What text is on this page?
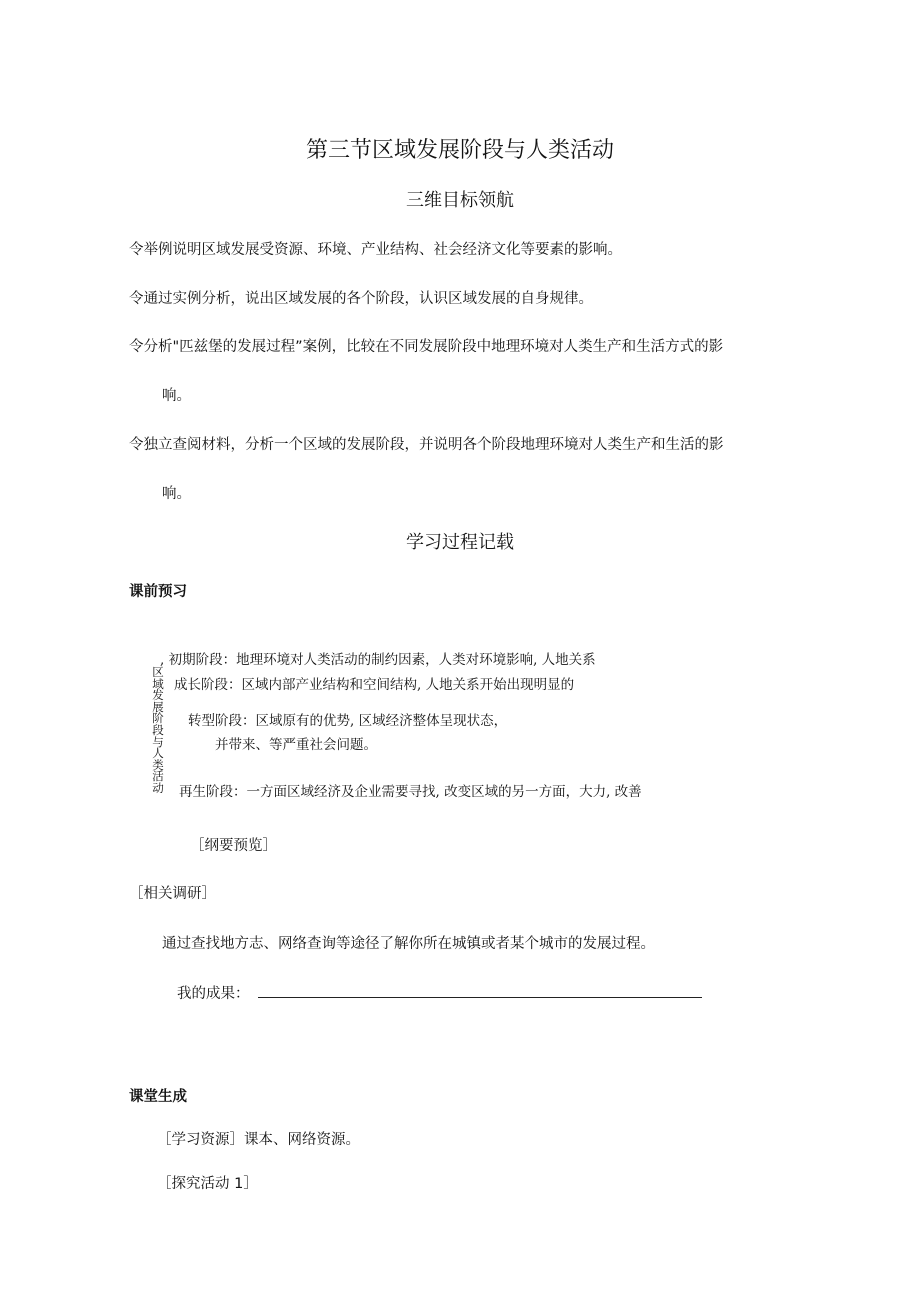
第三节区域发展阶段与人类活动
三维目标领航
令举例说明区域发展受资源、环境、产业结构、社会经济文化等要素的影响。
令通过实例分析，说出区域发展的各个阶段，认识区域发展的自身规律。
令分析"匹兹堡的发展过程”案例，比较在不同发展阶段中地理环境对人类生产和生活方式的影
响。
令独立查阅材料，分析一个区域的发展阶段，并说明各个阶段地理环境对人类生产和生活的影
响。
学习过程记载
课前预习
区域发展阶段与人类活动
, 初期阶段：地理环境对人类活动的制约因素，人类对环境影响, 人地关系
成长阶段：区域内部产业结构和空间结构, 人地关系开始出现明显的
转型阶段：区域原有的优势, 区域经济整体呈现状态，
并带来、等严重社会问题。
再生阶段：一方面区域经济及企业需要寻找, 改变区域的另一方面，大力, 改善
［纲要预览］
［相关调研］
通过查找地方志、网络查询等途径了解你所在城镇或者某个城市的发展过程。
我的成果：
课堂生成
［学习资源］课本、网络资源。
［探究活动 1］
